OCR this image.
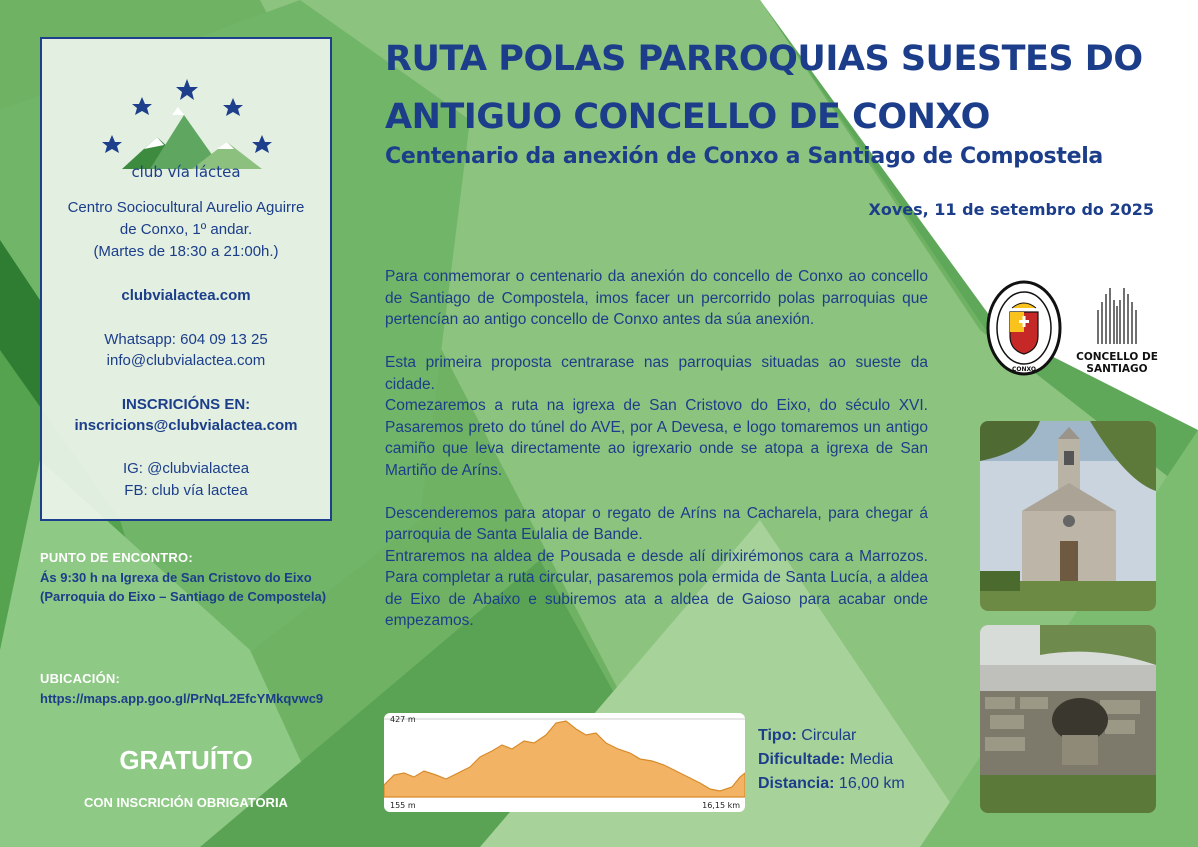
club vía láctea
Centro Sociocultural Aurelio Aguirre
de Conxo, 1º andar.
(Martes de 18:30 a 21:00h.)
clubvialactea.com
Whatsapp: 604 09 13 25
info@clubvialactea.com
INSCRICIÓNS EN:
inscricions@clubvialactea.com
IG: @clubvialactea
FB: club vía lactea
PUNTO DE ENCONTRO:
Ás 9:30 h na Igrexa de San Cristovo do Eixo
(Parroquia do Eixo – Santiago de Compostela)
UBICACIÓN:
https://maps.app.goo.gl/PrNqL2EfcYMkqvwc9
GRATUÍTO
CON INSCRICIÓN OBRIGATORIA
RUTA POLAS PARROQUIAS SUESTES DO
ANTIGUO CONCELLO DE CONXO
Centenario da anexión de Conxo a Santiago de Compostela
Xoves, 11 de setembro do 2025

Para conmemorar o centenario da anexión do concello de Conxo ao concello de Santiago de Compostela, imos facer un percorrido polas parroquias que pertencían ao antigo concello de Conxo antes da súa anexión.

Esta primeira proposta centrarase nas parroquias situadas ao sueste da cidade.

Comezaremos a ruta na igrexa de San Cristovo do Eixo, do século XVI. Pasaremos preto do túnel do AVE, por A Devesa, e logo tomaremos un antigo camiño que leva directamente ao igrexario onde se atopa a igrexa de San Martiño de Aríns.

Descenderemos para atopar o regato de Aríns na Cacharela, para chegar á parroquia de Santa Eulalia de Bande.

Entraremos na aldea de Pousada e desde alí dirixirémonos cara a Marrozos. Para completar a ruta circular, pasaremos pola ermida de Santa Lucía, a aldea de Eixo de Abaixo e subiremos ata a aldea de Gaioso para acabar onde empezamos.

CONXO
CONCELLO DE
SANTIAGO
427 m
155 m	16,15 km
Tipo: Circular
Dificultade: Media
Distancia: 16,00 km
